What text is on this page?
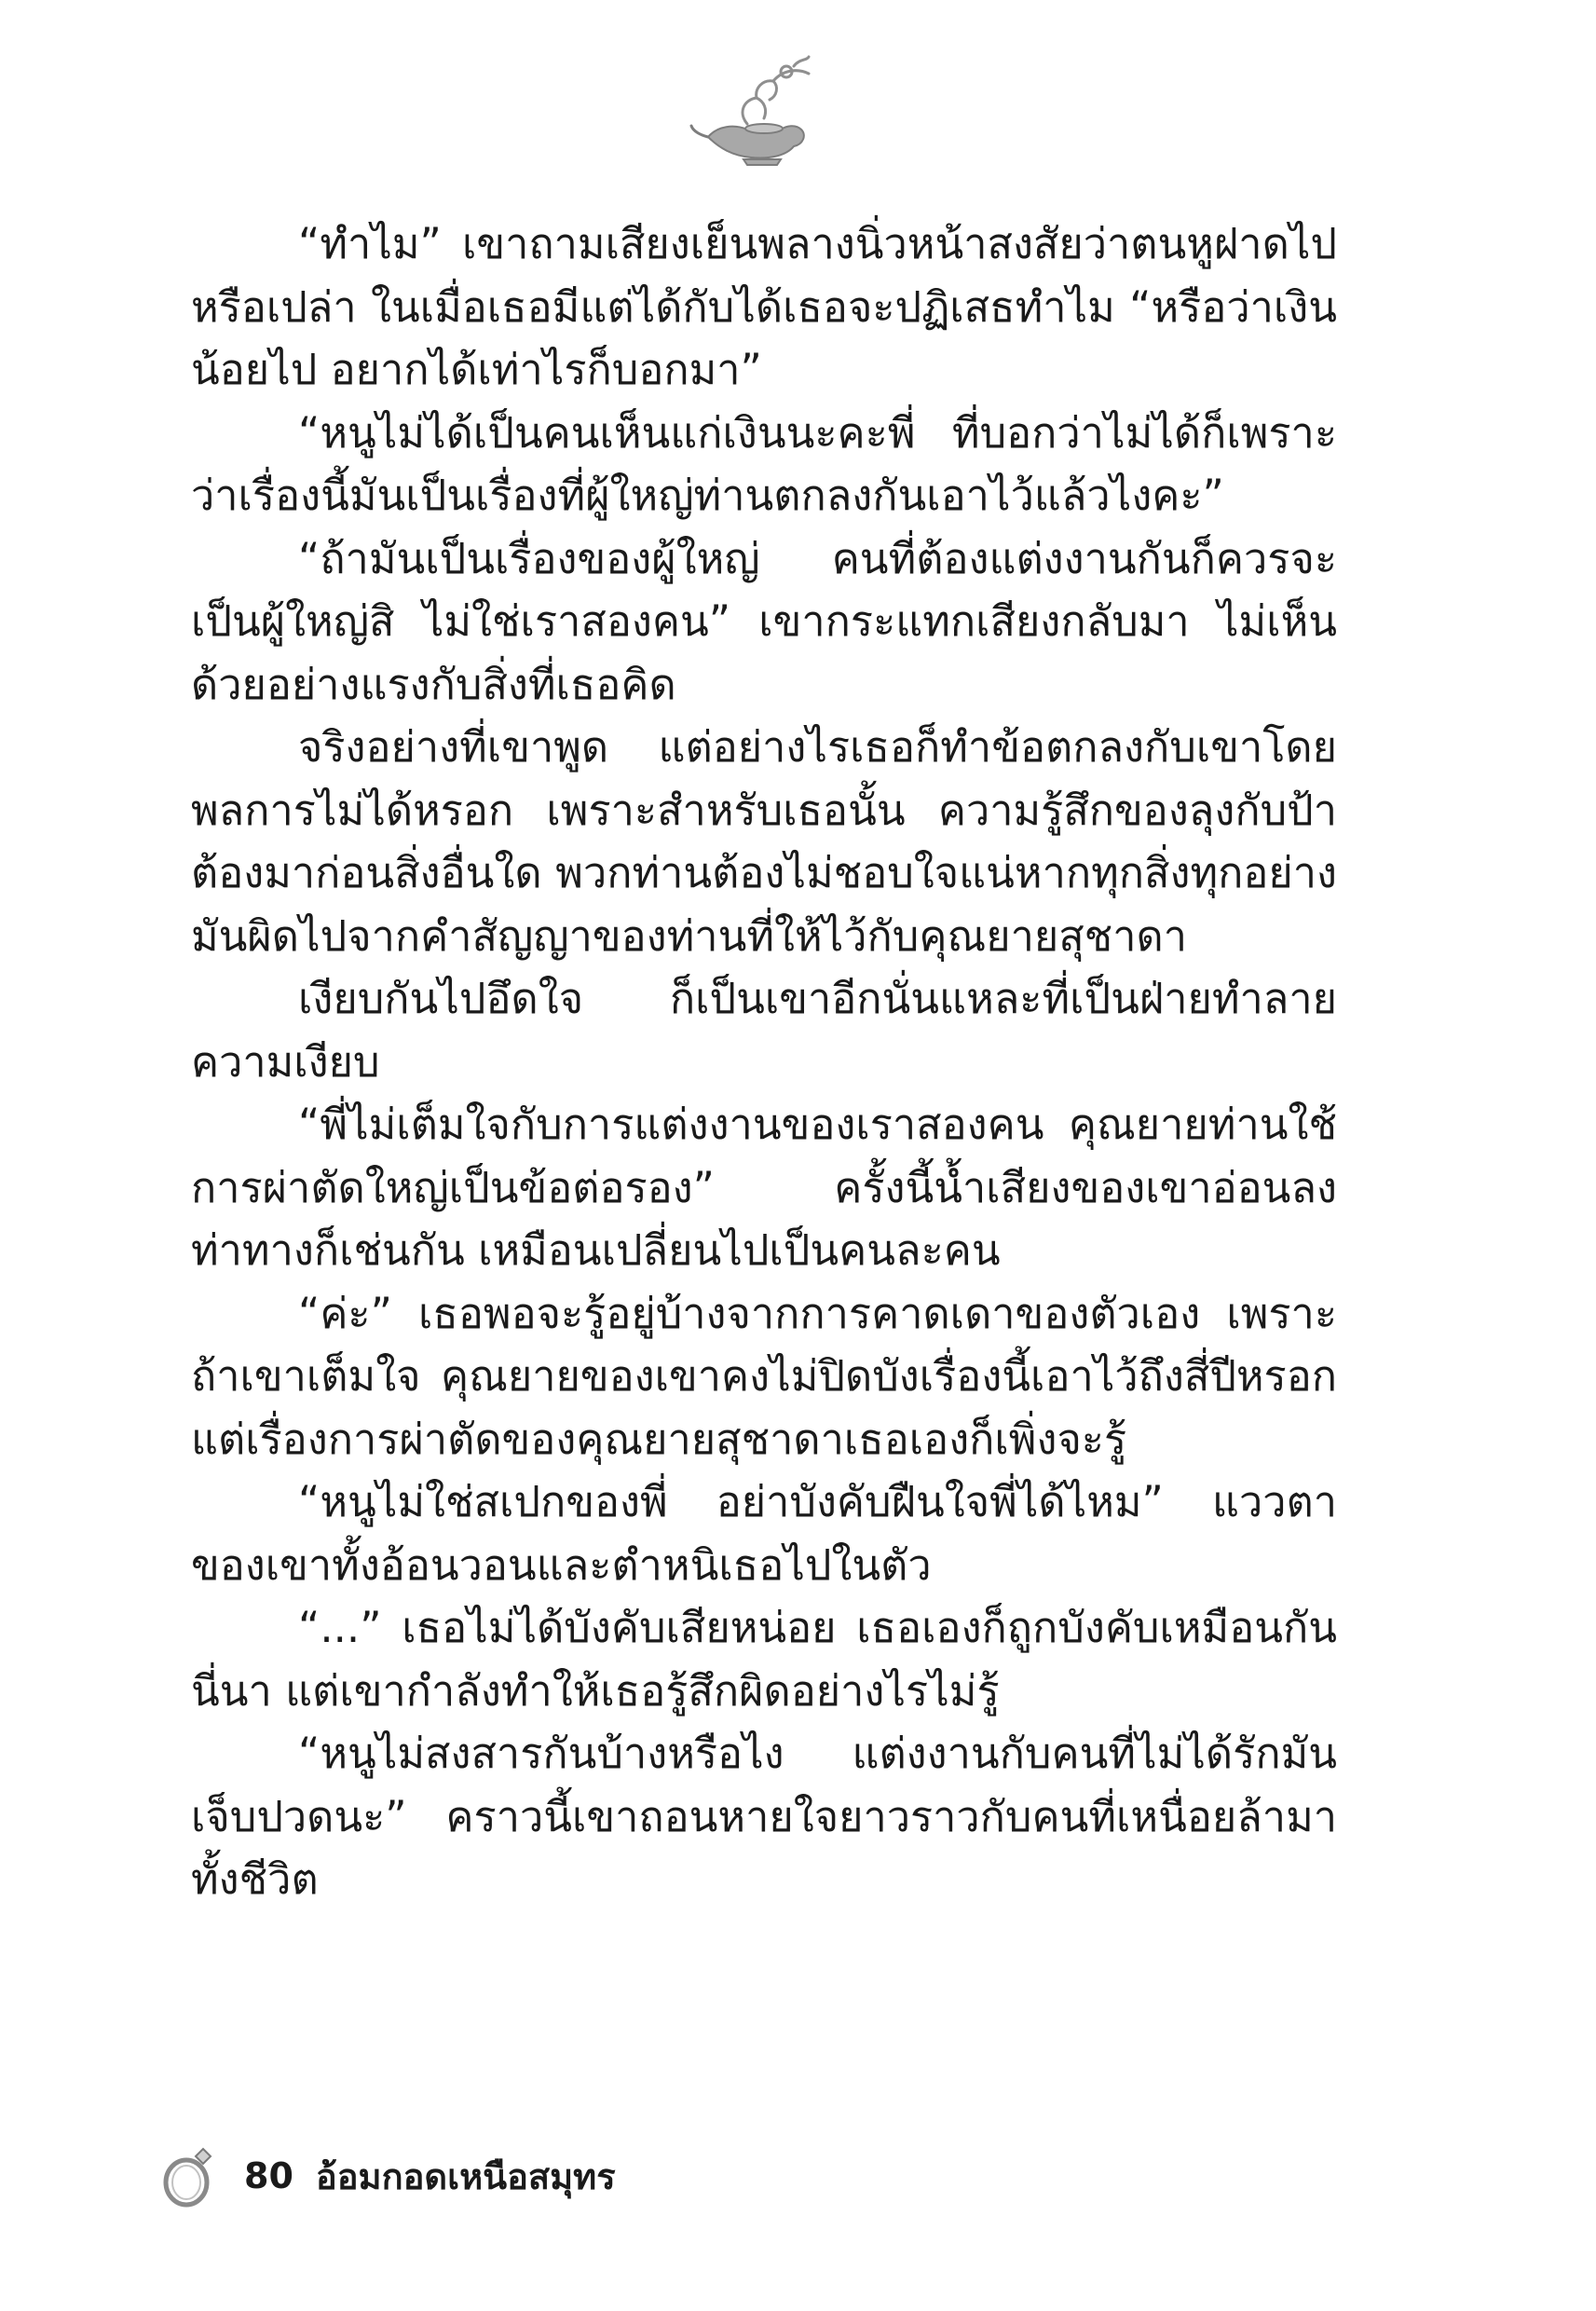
“ทำไม” เขาถามเสียงเย็นพลางนิ่วหน้าสงสัยว่าตนหูฝาดไปหรือเปล่า ในเมื่อเธอมีแต่ได้กับได้เธอจะปฏิเสธทำไม “หรือว่าเงินน้อยไป อยากได้เท่าไรก็บอกมา”

“หนูไม่ได้เป็นคนเห็นแก่เงินนะคะพี่ ที่บอกว่าไม่ได้ก็เพราะว่าเรื่องนี้มันเป็นเรื่องที่ผู้ใหญ่ท่านตกลงกันเอาไว้แล้วไงคะ”

“ถ้ามันเป็นเรื่องของผู้ใหญ่ คนที่ต้องแต่งงานกันก็ควรจะเป็นผู้ใหญ่สิ ไม่ใช่เราสองคน” เขากระแทกเสียงกลับมา ไม่เห็นด้วยอย่างแรงกับสิ่งที่เธอคิด

จริงอย่างที่เขาพูด แต่อย่างไรเธอก็ทำข้อตกลงกับเขาโดยพลการไม่ได้หรอก เพราะสำหรับเธอนั้น ความรู้สึกของลุงกับป้าต้องมาก่อนสิ่งอื่นใด พวกท่านต้องไม่ชอบใจแน่หากทุกสิ่งทุกอย่างมันผิดไปจากคำสัญญาของท่านที่ให้ไว้กับคุณยายสุชาดา

เงียบกันไปอึดใจ ก็เป็นเขาอีกนั่นแหละที่เป็นฝ่ายทำลายความเงียบ

“พี่ไม่เต็มใจกับการแต่งงานของเราสองคน คุณยายท่านใช้การผ่าตัดใหญ่เป็นข้อต่อรอง” ครั้งนี้น้ำเสียงของเขาอ่อนลง ท่าทางก็เช่นกัน เหมือนเปลี่ยนไปเป็นคนละคน

“ค่ะ” เธอพอจะรู้อยู่บ้างจากการคาดเดาของตัวเอง เพราะถ้าเขาเต็มใจ คุณยายของเขาคงไม่ปิดบังเรื่องนี้เอาไว้ถึงสี่ปีหรอก แต่เรื่องการผ่าตัดของคุณยายสุชาดาเธอเองก็เพิ่งจะรู้

“หนูไม่ใช่สเปกของพี่ อย่าบังคับฝืนใจพี่ได้ไหม” แววตาของเขาทั้งอ้อนวอนและตำหนิเธอไปในตัว

“...” เธอไม่ได้บังคับเสียหน่อย เธอเองก็ถูกบังคับเหมือนกันนี่นา แต่เขากำลังทำให้เธอรู้สึกผิดอย่างไรไม่รู้

“หนูไม่สงสารกันบ้างหรือไง แต่งงานกับคนที่ไม่ได้รักมันเจ็บปวดนะ” คราวนี้เขาถอนหายใจยาวราวกับคนที่เหนื่อยล้ามาทั้งชีวิต

80 อ้อมกอดเหนือสมุทร
